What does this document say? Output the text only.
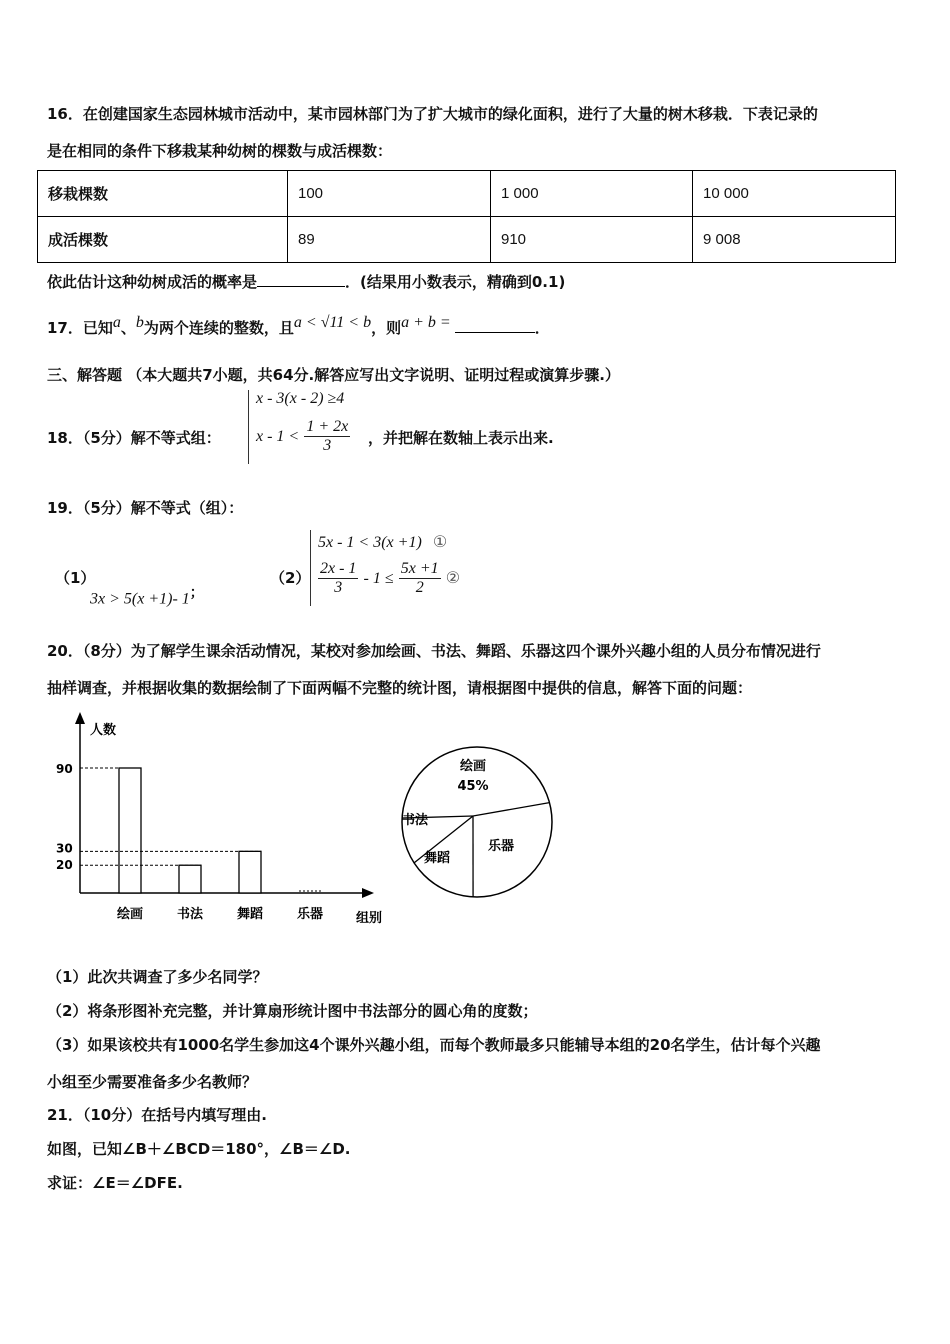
16．在创建国家生态园林城市活动中，某市园林部门为了扩大城市的绿化面积，进行了大量的树木移栽．下表记录的
是在相同的条件下移栽某种幼树的棵数与成活棵数：
移栽棵数	100	1 000	10 000
成活棵数	89	910	9 008
依此估计这种幼树成活的概率是	．(结果用小数表示，精确到0.1)
17．已知$^a$、$^b$为两个连续的整数，且$^{a < √11 < b}$，则$^{a + b =}$	．
三、解答题 （本大题共7小题，共64分.解答应写出文字说明、证明过程或演算步骤.）
18．（5分）解不等式组：
x - 3(x - 2) ≥4
$x - 1 < \frac{1 + 2x}{3}$ ，并把解在数轴上表示出来.
19．（5分）解不等式（组）：
（1）
3x > 5(x +1)- 1；
（2）
5x - 1 < 3(x +1) ①
$\frac{2x - 1}{3} - 1 \le \frac{5x +1}{2}$ ②
20．（8分）为了解学生课余活动情况，某校对参加绘画、书法、舞蹈、乐器这四个课外兴趣小组的人员分布情况进行
抽样调查，并根据收集的数据绘制了下面两幅不完整的统计图，请根据图中提供的信息，解答下面的问题：
人数
组别
90
30
20
绘画	书法	舞蹈	乐器
绘画
45%
书法
舞蹈
乐器
（1）此次共调查了多少名同学？
（2）将条形图补充完整，并计算扇形统计图中书法部分的圆心角的度数；
（3）如果该校共有1000名学生参加这4个课外兴趣小组，而每个教师最多只能辅导本组的20名学生，估计每个兴趣
小组至少需要准备多少名教师？
21．（10分）在括号内填写理由.
如图，已知∠B＋∠BCD＝180°，∠B＝∠D.
求证：∠E＝∠DFE.
